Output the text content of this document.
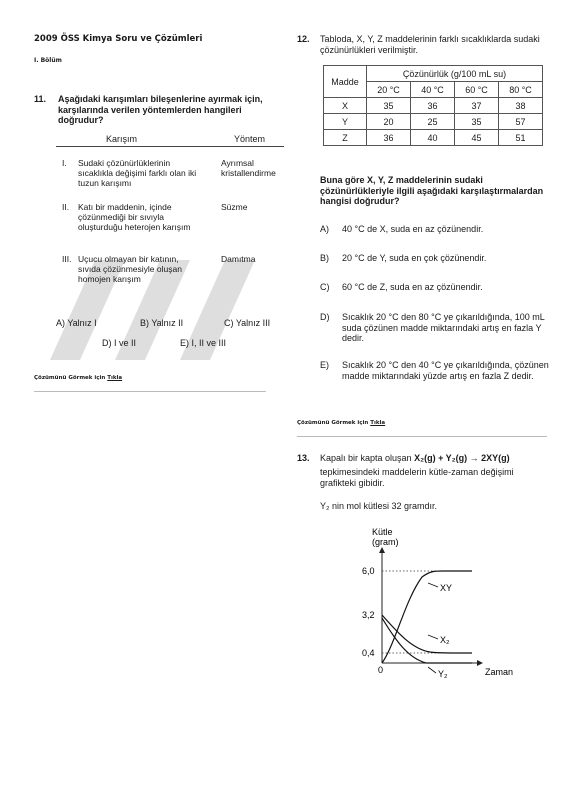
2009 ÖSS Kimya Soru ve Çözümleri
I. Bölüm
11. Aşağıdaki karışımları bileşenlerine ayırmak için, karşılarında verilen yöntemlerden hangileri doğrudur?
Karışım	Yöntem
I. Sudaki çözünürlüklerinin sıcaklıkla değişimi farklı olan iki tuzun karışımı
Ayrımsal kristallendirme
II. Katı bir maddenin, içinde çözünmediği bir sıvıyla oluşturduğu heterojen karışım
Süzme
III. Uçucu olmayan bir katının, sıvıda çözünmesiyle oluşan homojen karışım
Damıtma
A) Yalnız I	B) Yalnız II	C) Yalnız III
D) I ve II	E) I, II ve III
Çözümünü Görmek için Tıkla
12. Tabloda, X, Y, Z maddelerinin farklı sıcaklıklarda sudaki çözünürlükleri verilmiştir.
Madde	Çözünürlük (g/100 mL su)			
	20 °C	40 °C	60 °C	80 °C
X	35	36	37	38
Y	20	25	35	57
Z	36	40	45	51
Buna göre X, Y, Z maddelerinin sudaki çözünürlükleriyle ilgili aşağıdaki karşılaştırmalardan hangisi doğrudur?
A) 40 °C de X, suda en az çözünendir.
B) 20 °C de Y, suda en çok çözünendir.
C) 60 °C de Z, suda en az çözünendir.
D) Sıcaklık 20 °C den 80 °C ye çıkarıldığında, 100 mL suda çözünen madde miktarındaki artış en fazla Y dedir.
E) Sıcaklık 20 °C den 40 °C ye çıkarıldığında, çözünen madde miktarındaki yüzde artış en fazla Z dedir.
Çözümünü Görmek için Tıkla
13. Kapalı bir kapta oluşan X₂(g) + Y₂(g) → 2XY(g)
tepkimesindeki maddelerin kütle-zaman değişimi grafikteki gibidir.
Y₂ nin mol kütlesi 32 gramdır.
Kütle
(gram)
Zaman
0
6,0
3,2
0,4
XY
X₂
Y₂
